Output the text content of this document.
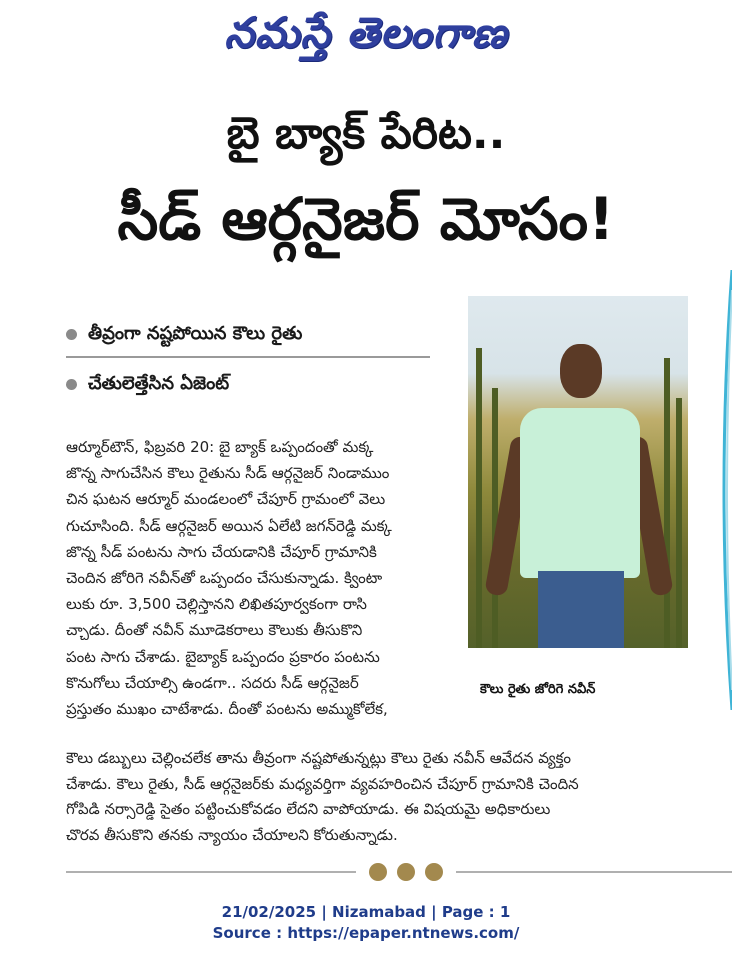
నమస్తే తెలంగాణ
బై బ్యాక్ పేరిట..
సీడ్ ఆర్గనైజర్ మోసం!
తీవ్రంగా నష్టపోయిన కౌలు రైతు
చేతులెత్తేసిన ఏజెంట్
కౌలు రైతు జోరిగె నవీన్
ఆర్మూర్‌టౌన్, ఫిబ్రవరి 20: బై బ్యాక్ ఒప్పందంతో మక్క
జొన్న సాగుచేసిన కౌలు రైతును సీడ్ ఆర్గనైజర్ నిండాముం
చిన ఘటన ఆర్మూర్ మండలంలో చేపూర్ గ్రామంలో వెలు
గుచూసింది. సీడ్ ఆర్గనైజర్ అయిన ఏలేటి జగన్‌రెడ్డి మక్క
జొన్న సీడ్ పంటను సాగు చేయడానికి చేపూర్ గ్రామానికి
చెందిన జోరిగె నవీన్‌తో ఒప్పందం చేసుకున్నాడు. క్వింటా
లుకు రూ. 3,500 చెల్లిస్తానని లిఖితపూర్వకంగా రాసి
చ్చాడు. దీంతో నవీన్ మూడెకరాలు కౌలుకు తీసుకొని
పంట సాగు చేశాడు. బైబ్యాక్ ఒప్పందం ప్రకారం పంటను
కొనుగోలు చేయాల్సి ఉండగా.. సదరు సీడ్ ఆర్గనైజర్
ప్రస్తుతం ముఖం చాటేశాడు. దీంతో పంటను అమ్ముకోలేక,
కౌలు డబ్బులు చెల్లించలేక తాను తీవ్రంగా నష్టపోతున్నట్లు కౌలు రైతు నవీన్ ఆవేదన వ్యక్తం
చేశాడు. కౌలు రైతు, సీడ్ ఆర్గనైజర్‌కు మధ్యవర్తిగా వ్యవహరించిన చేపూర్ గ్రామానికి చెందిన
గోపిడి నర్సారెడ్డి సైతం పట్టించుకోవడం లేదని వాపోయాడు. ఈ విషయమై అధికారులు
చొరవ తీసుకొని తనకు న్యాయం చేయాలని కోరుతున్నాడు.
21/02/2025 | Nizamabad | Page : 1
Source : https://epaper.ntnews.com/
